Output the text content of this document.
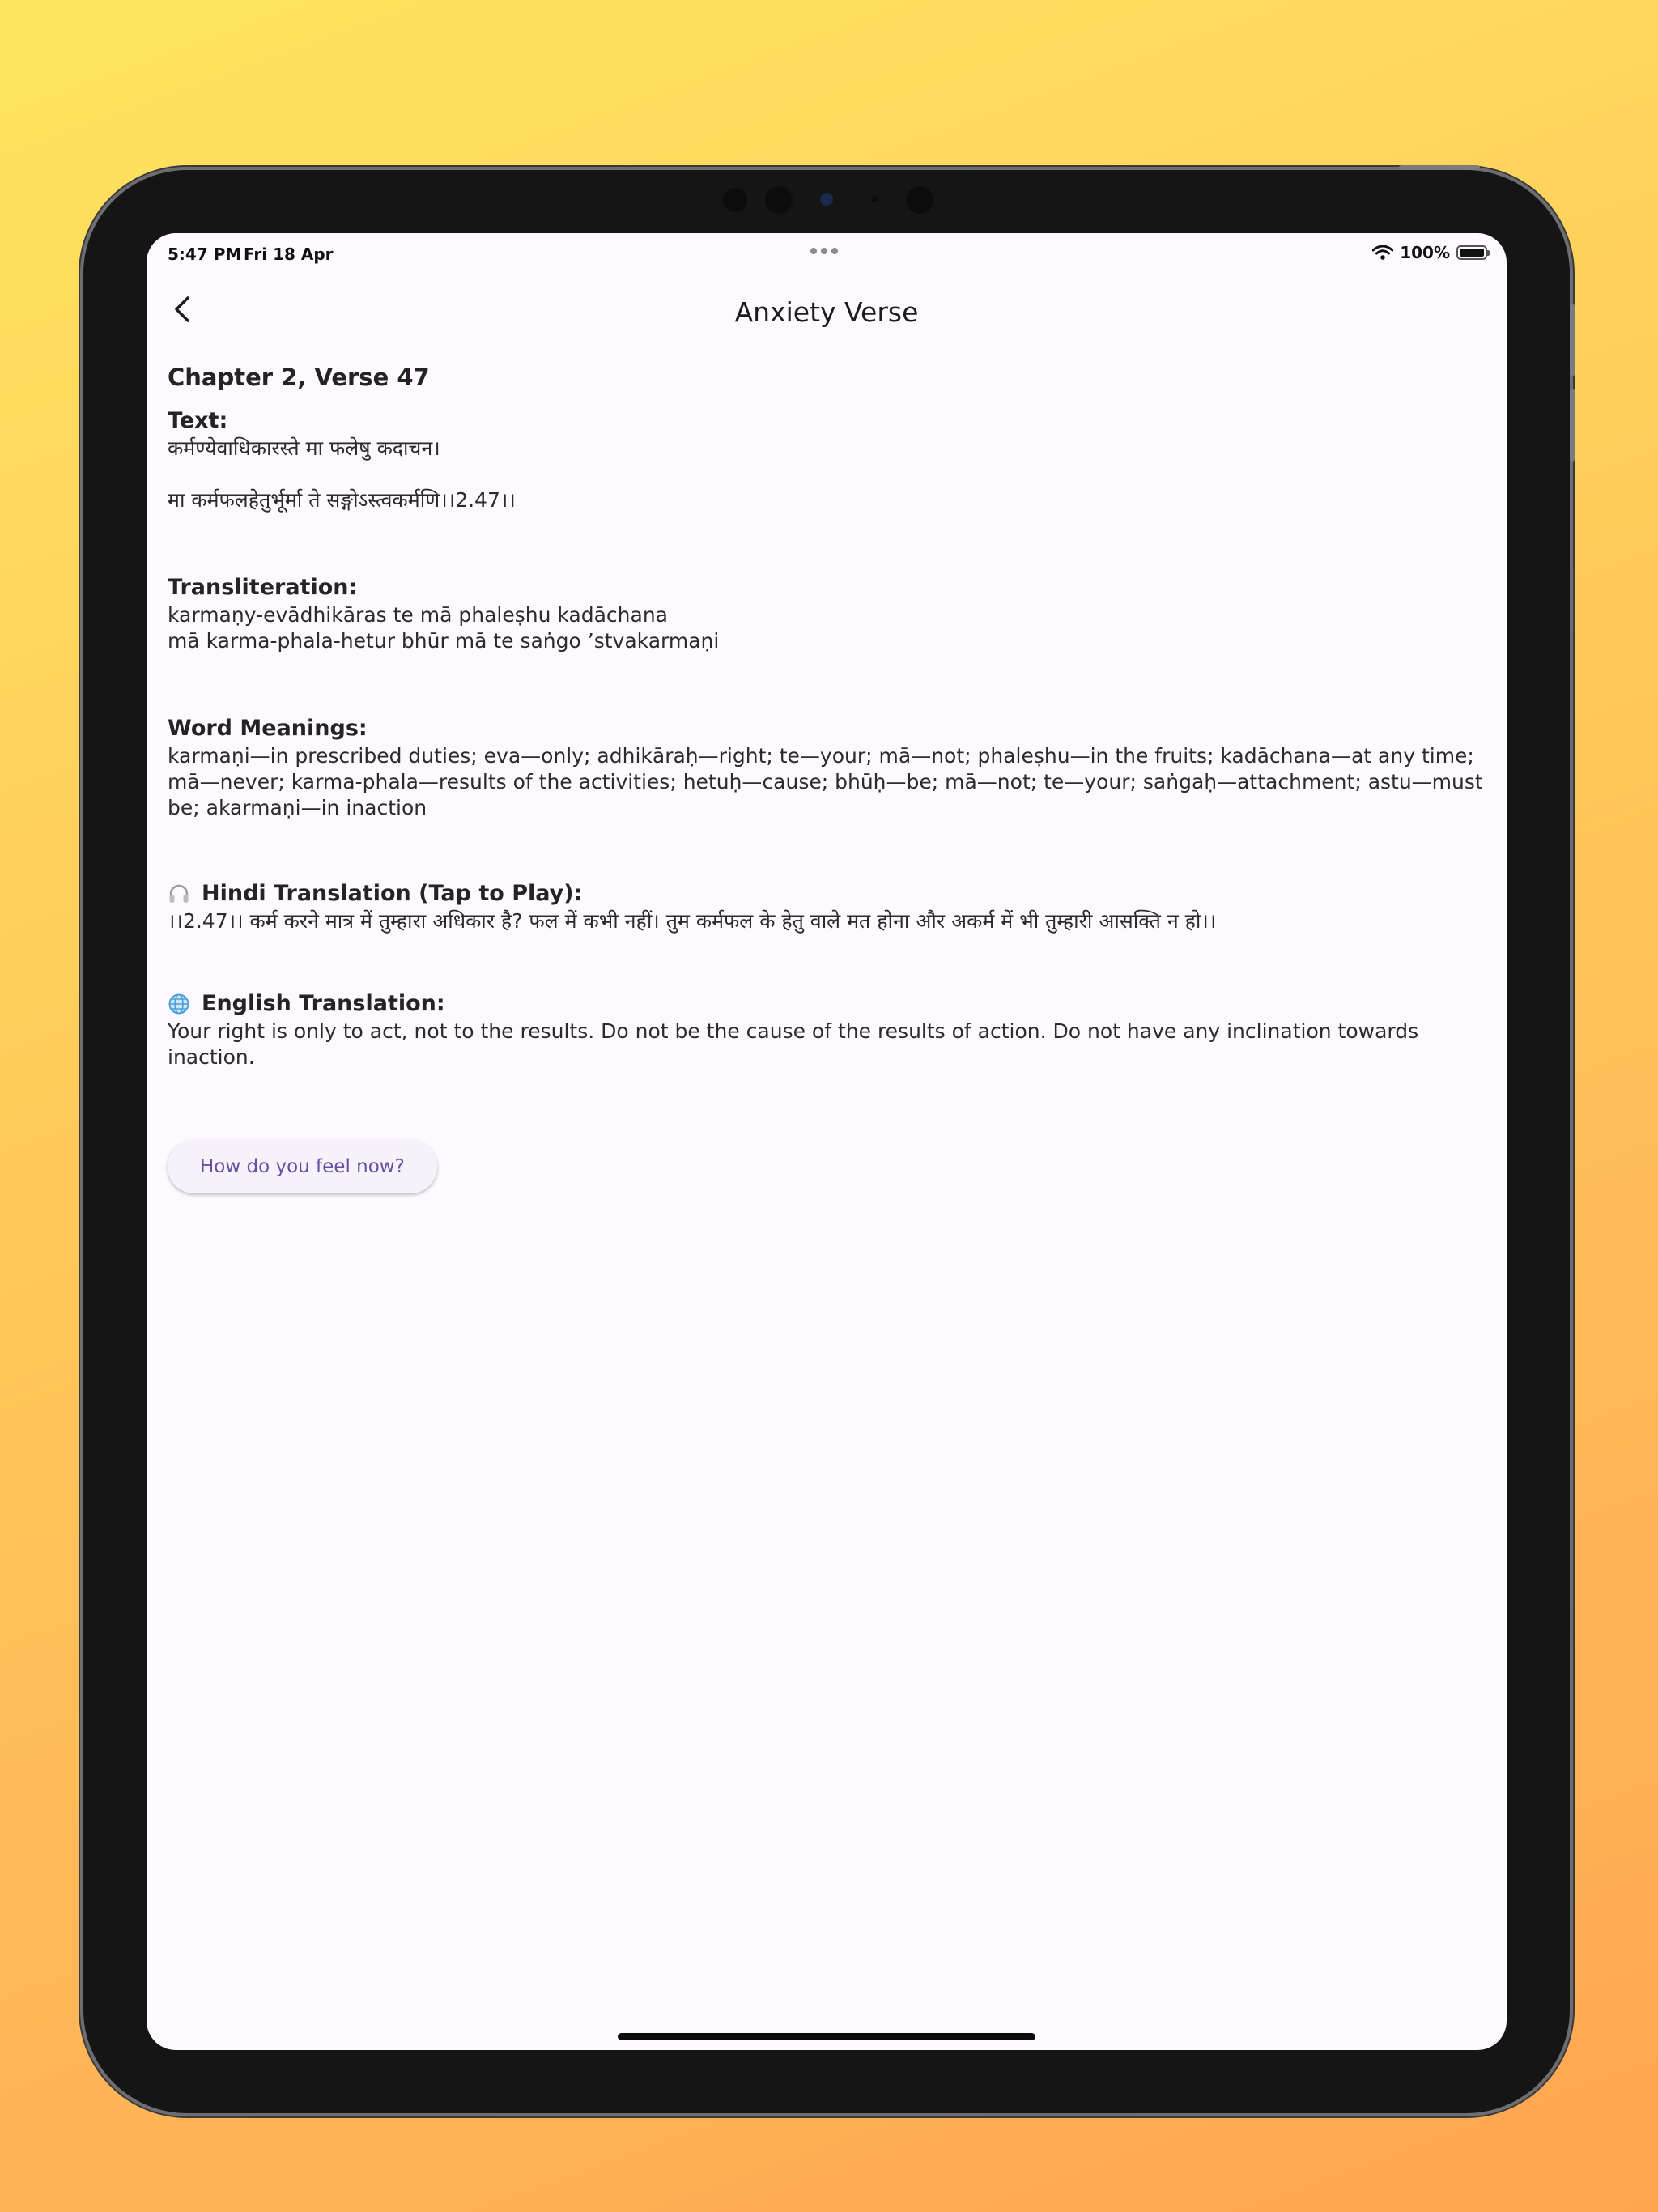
5:47 PM Fri 18 Apr	100%
Anxiety Verse
Chapter 2, Verse 47
Text:
कर्मण्येवाधिकारस्ते मा फलेषु कदाचन।

मा कर्मफलहेतुर्भूर्मा ते सङ्गोऽस्त्वकर्मणि।।2.47।।
Transliteration:
karmaṇy-evādhikāras te mā phaleṣhu kadāchana
mā karma-phala-hetur bhūr mā te saṅgo ’stvakarmaṇi
Word Meanings:
karmaṇi—in prescribed duties; eva—only; adhikāraḥ—right; te—your; mā—not; phaleṣhu—in the fruits; kadāchana—at any time; mā—never; karma-phala—results of the activities; hetuḥ—cause; bhūḥ—be; mā—not; te—your; saṅgaḥ—attachment; astu—must be; akarmaṇi—in inaction
Hindi Translation (Tap to Play):
।।2.47।। कर्म करने मात्र में तुम्हारा अधिकार है? फल में कभी नहीं। तुम कर्मफल के हेतु वाले मत होना और अकर्म में भी तुम्हारी आसक्ति न हो।।
English Translation:
Your right is only to act, not to the results. Do not be the cause of the results of action. Do not have any inclination towards inaction.
How do you feel now?
